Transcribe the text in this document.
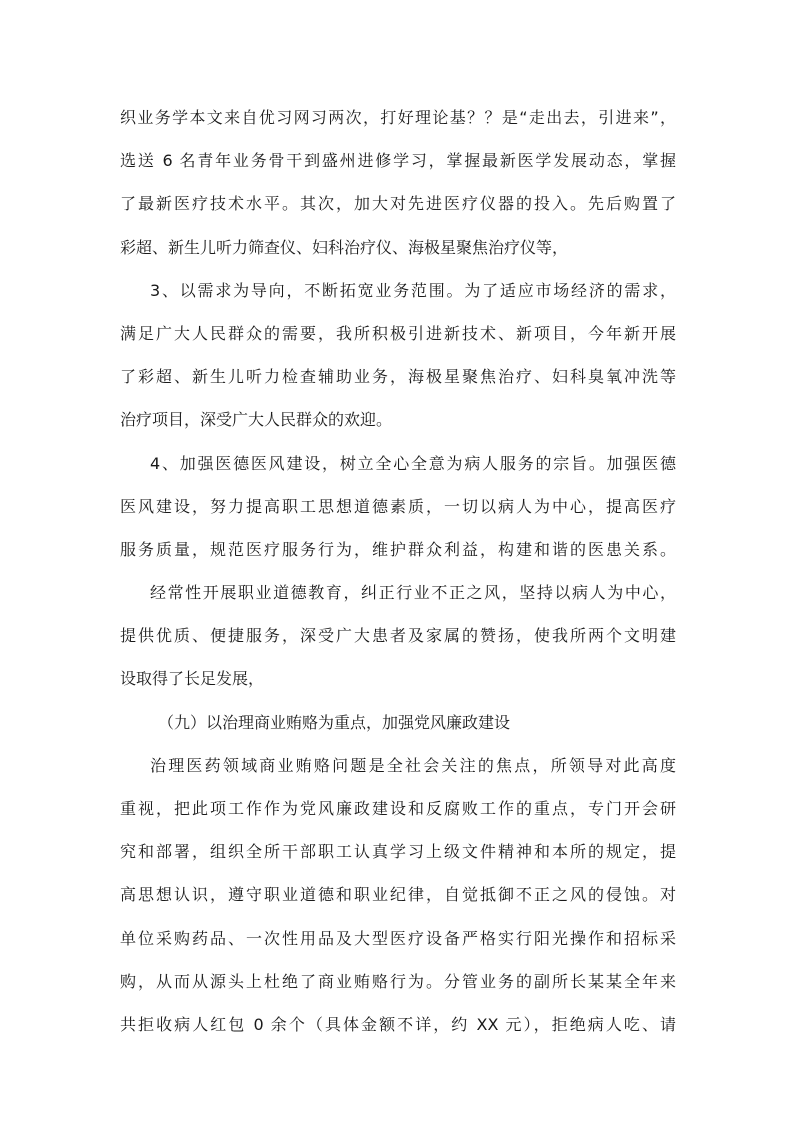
织业务学本文来自优习网习两次，打好理论基？？是“走出去，引进来”，
选送 6 名青年业务骨干到盛州进修学习，掌握最新医学发展动态，掌握
了最新医疗技术水平。其次，加大对先进医疗仪器的投入。先后购置了
彩超、新生儿听力筛查仪、妇科治疗仪、海极星聚焦治疗仪等，
3、以需求为导向，不断拓宽业务范围。为了适应市场经济的需求，
满足广大人民群众的需要，我所积极引进新技术、新项目，今年新开展
了彩超、新生儿听力检查辅助业务，海极星聚焦治疗、妇科臭氧冲洗等
治疗项目，深受广大人民群众的欢迎。
4、加强医德医风建设，树立全心全意为病人服务的宗旨。加强医德
医风建设，努力提高职工思想道德素质，一切以病人为中心，提高医疗
服务质量，规范医疗服务行为，维护群众利益，构建和谐的医患关系。
经常性开展职业道德教育，纠正行业不正之风，坚持以病人为中心，
提供优质、便捷服务，深受广大患者及家属的赞扬，使我所两个文明建
设取得了长足发展，
（九）以治理商业贿赂为重点，加强党风廉政建设
治理医药领域商业贿赂问题是全社会关注的焦点，所领导对此高度
重视，把此项工作作为党风廉政建设和反腐败工作的重点，专门开会研
究和部署，组织全所干部职工认真学习上级文件精神和本所的规定，提
高思想认识，遵守职业道德和职业纪律，自觉抵御不正之风的侵蚀。对
单位采购药品、一次性用品及大型医疗设备严格实行阳光操作和招标采
购，从而从源头上杜绝了商业贿赂行为。分管业务的副所长某某全年来
共拒收病人红包 0 余个（具体金额不详，约 XX 元），拒绝病人吃、请
